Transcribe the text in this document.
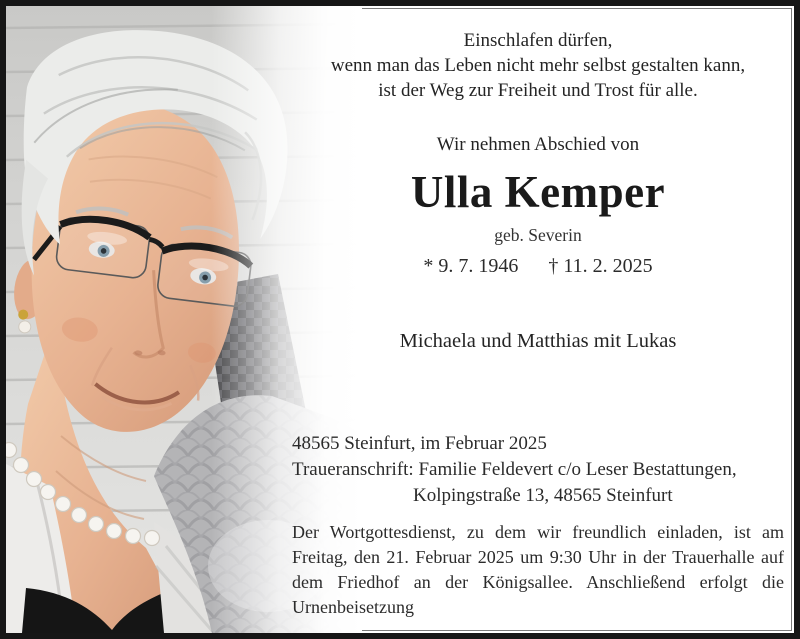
Einschlafen dürfen,
wenn man das Leben nicht mehr selbst gestalten kann,
ist der Weg zur Freiheit und Trost für alle.
Wir nehmen Abschied von
Ulla Kemper
geb. Severin
* 9. 7. 1946 † 11. 2. 2025
Michaela und Matthias mit Lukas
48565 Steinfurt, im Februar 2025
Traueranschrift: Familie Feldevert c/o Leser Bestattungen,
Kolpingstraße 13, 48565 Steinfurt
Der Wortgottesdienst, zu dem wir freundlich einladen, ist am
Freitag, den 21. Februar 2025 um 9:30 Uhr in der Trauerhalle auf
dem Friedhof an der Königsallee. Anschließend erfolgt die
Urnenbeisetzung
